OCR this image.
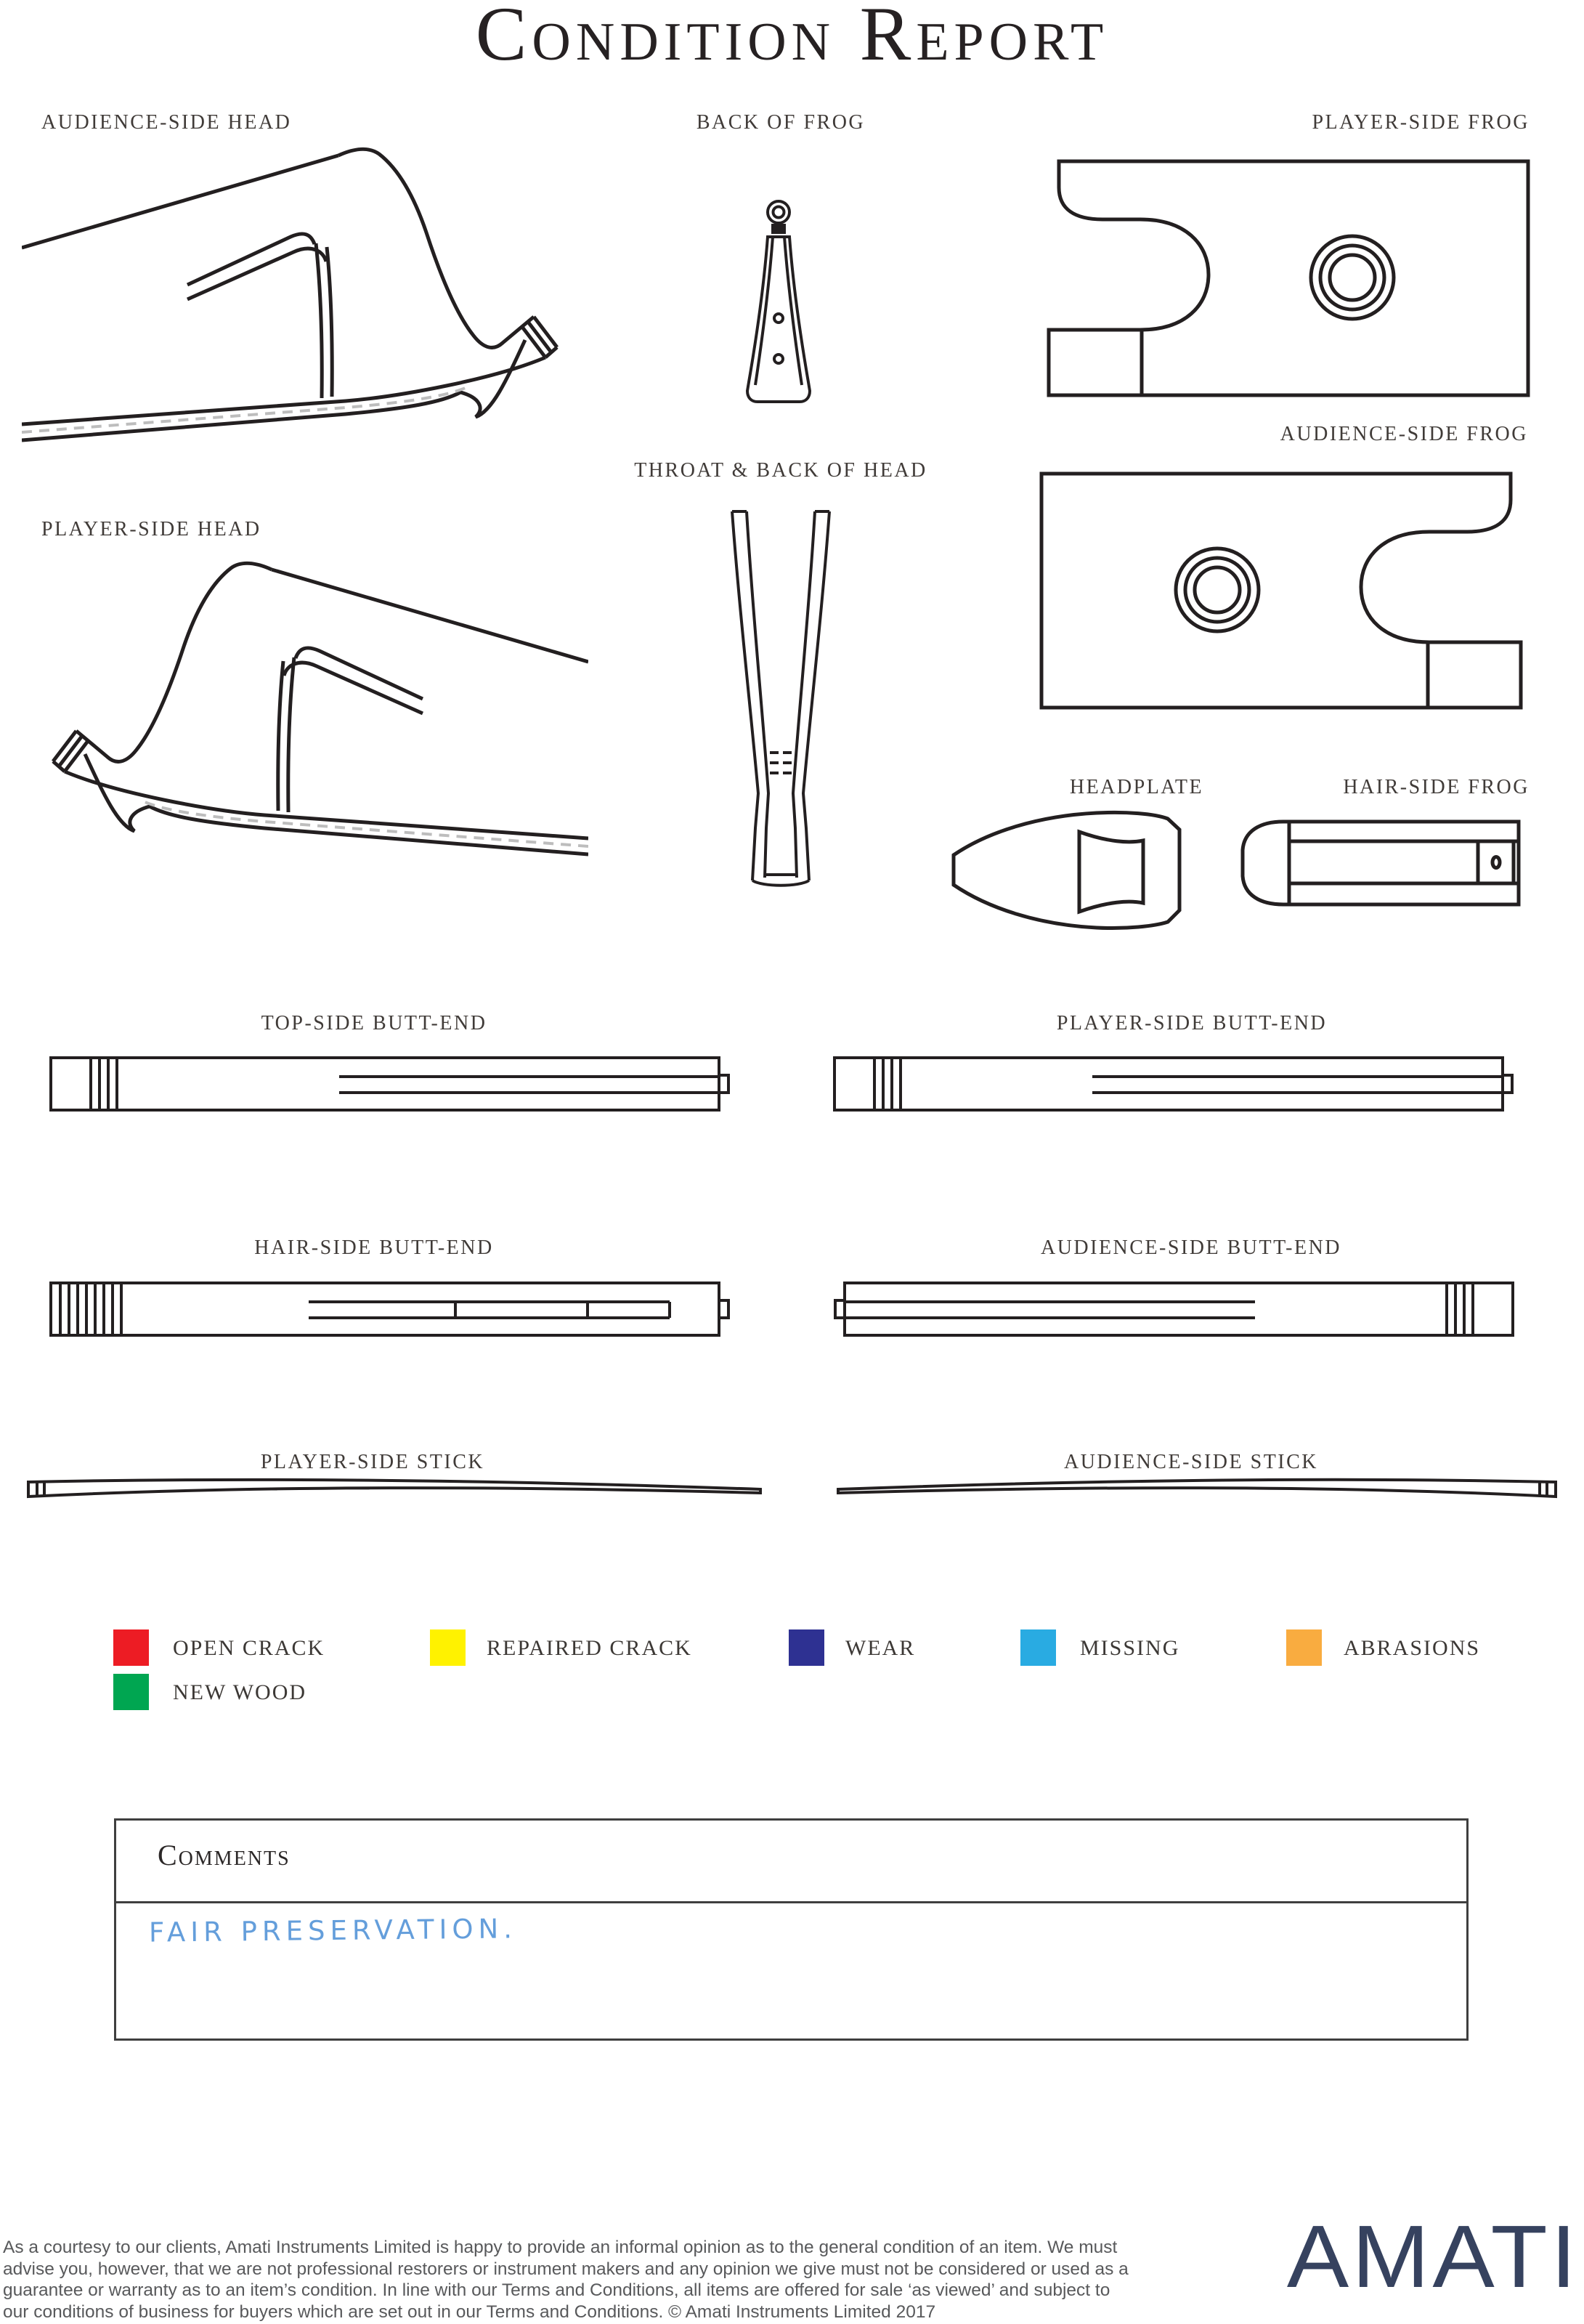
Condition Report
AUDIENCE-SIDE HEAD	BACK OF FROG	PLAYER-SIDE FROG
AUDIENCE-SIDE FROG
PLAYER-SIDE HEAD
THROAT & BACK OF HEAD
HEADPLATE	HAIR-SIDE FROG
TOP-SIDE BUTT-END	PLAYER-SIDE BUTT-END
HAIR-SIDE BUTT-END	AUDIENCE-SIDE BUTT-END
PLAYER-SIDE STICK	AUDIENCE-SIDE STICK
OPEN CRACK	REPAIRED CRACK	WEAR	MISSING	ABRASIONS
NEW WOOD
Comments
FAIR PRESERVATION.
As a courtesy to our clients, Amati Instruments Limited is happy to provide an informal opinion as to the general condition of an item. We must advise you, however, that we are not professional restorers or instrument makers and any opinion we give must not be considered or used as a guarantee or warranty as to an item’s condition. In line with our Terms and Conditions, all items are offered for sale ‘as viewed’ and subject to our conditions of business for buyers which are set out in our Terms and Conditions. © Amati Instruments Limited 2017
AMATI
